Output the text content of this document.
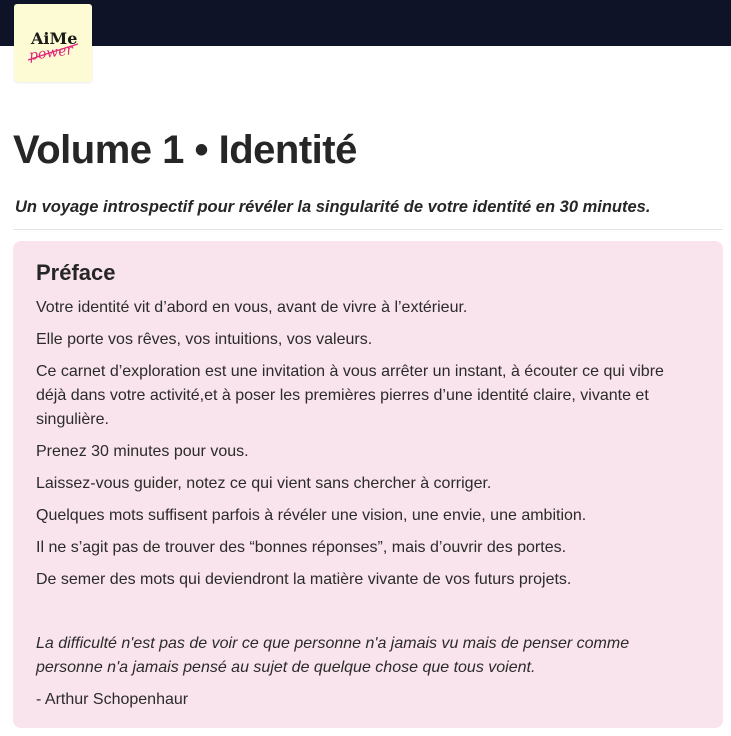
AiMe
power
Volume 1 • Identité

Un voyage introspectif pour révéler la singularité de votre identité en 30 minutes.

Préface

Votre identité vit d’abord en vous, avant de vivre à l’extérieur.

Elle porte vos rêves, vos intuitions, vos valeurs.

Ce carnet d’exploration est une invitation à vous arrêter un instant, à écouter ce qui vibre déjà dans votre activité,et à poser les premières pierres d’une identité claire, vivante et singulière.

Prenez 30 minutes pour vous.

Laissez-vous guider, notez ce qui vient sans chercher à corriger.

Quelques mots suffisent parfois à révéler une vision, une envie, une ambition.

Il ne s’agit pas de trouver des “bonnes réponses”, mais d’ouvrir des portes.

De semer des mots qui deviendront la matière vivante de vos futurs projets.

La difficulté n'est pas de voir ce que personne n'a jamais vu mais de penser comme personne n'a jamais pensé au sujet de quelque chose que tous voient.

- Arthur Schopenhaur
